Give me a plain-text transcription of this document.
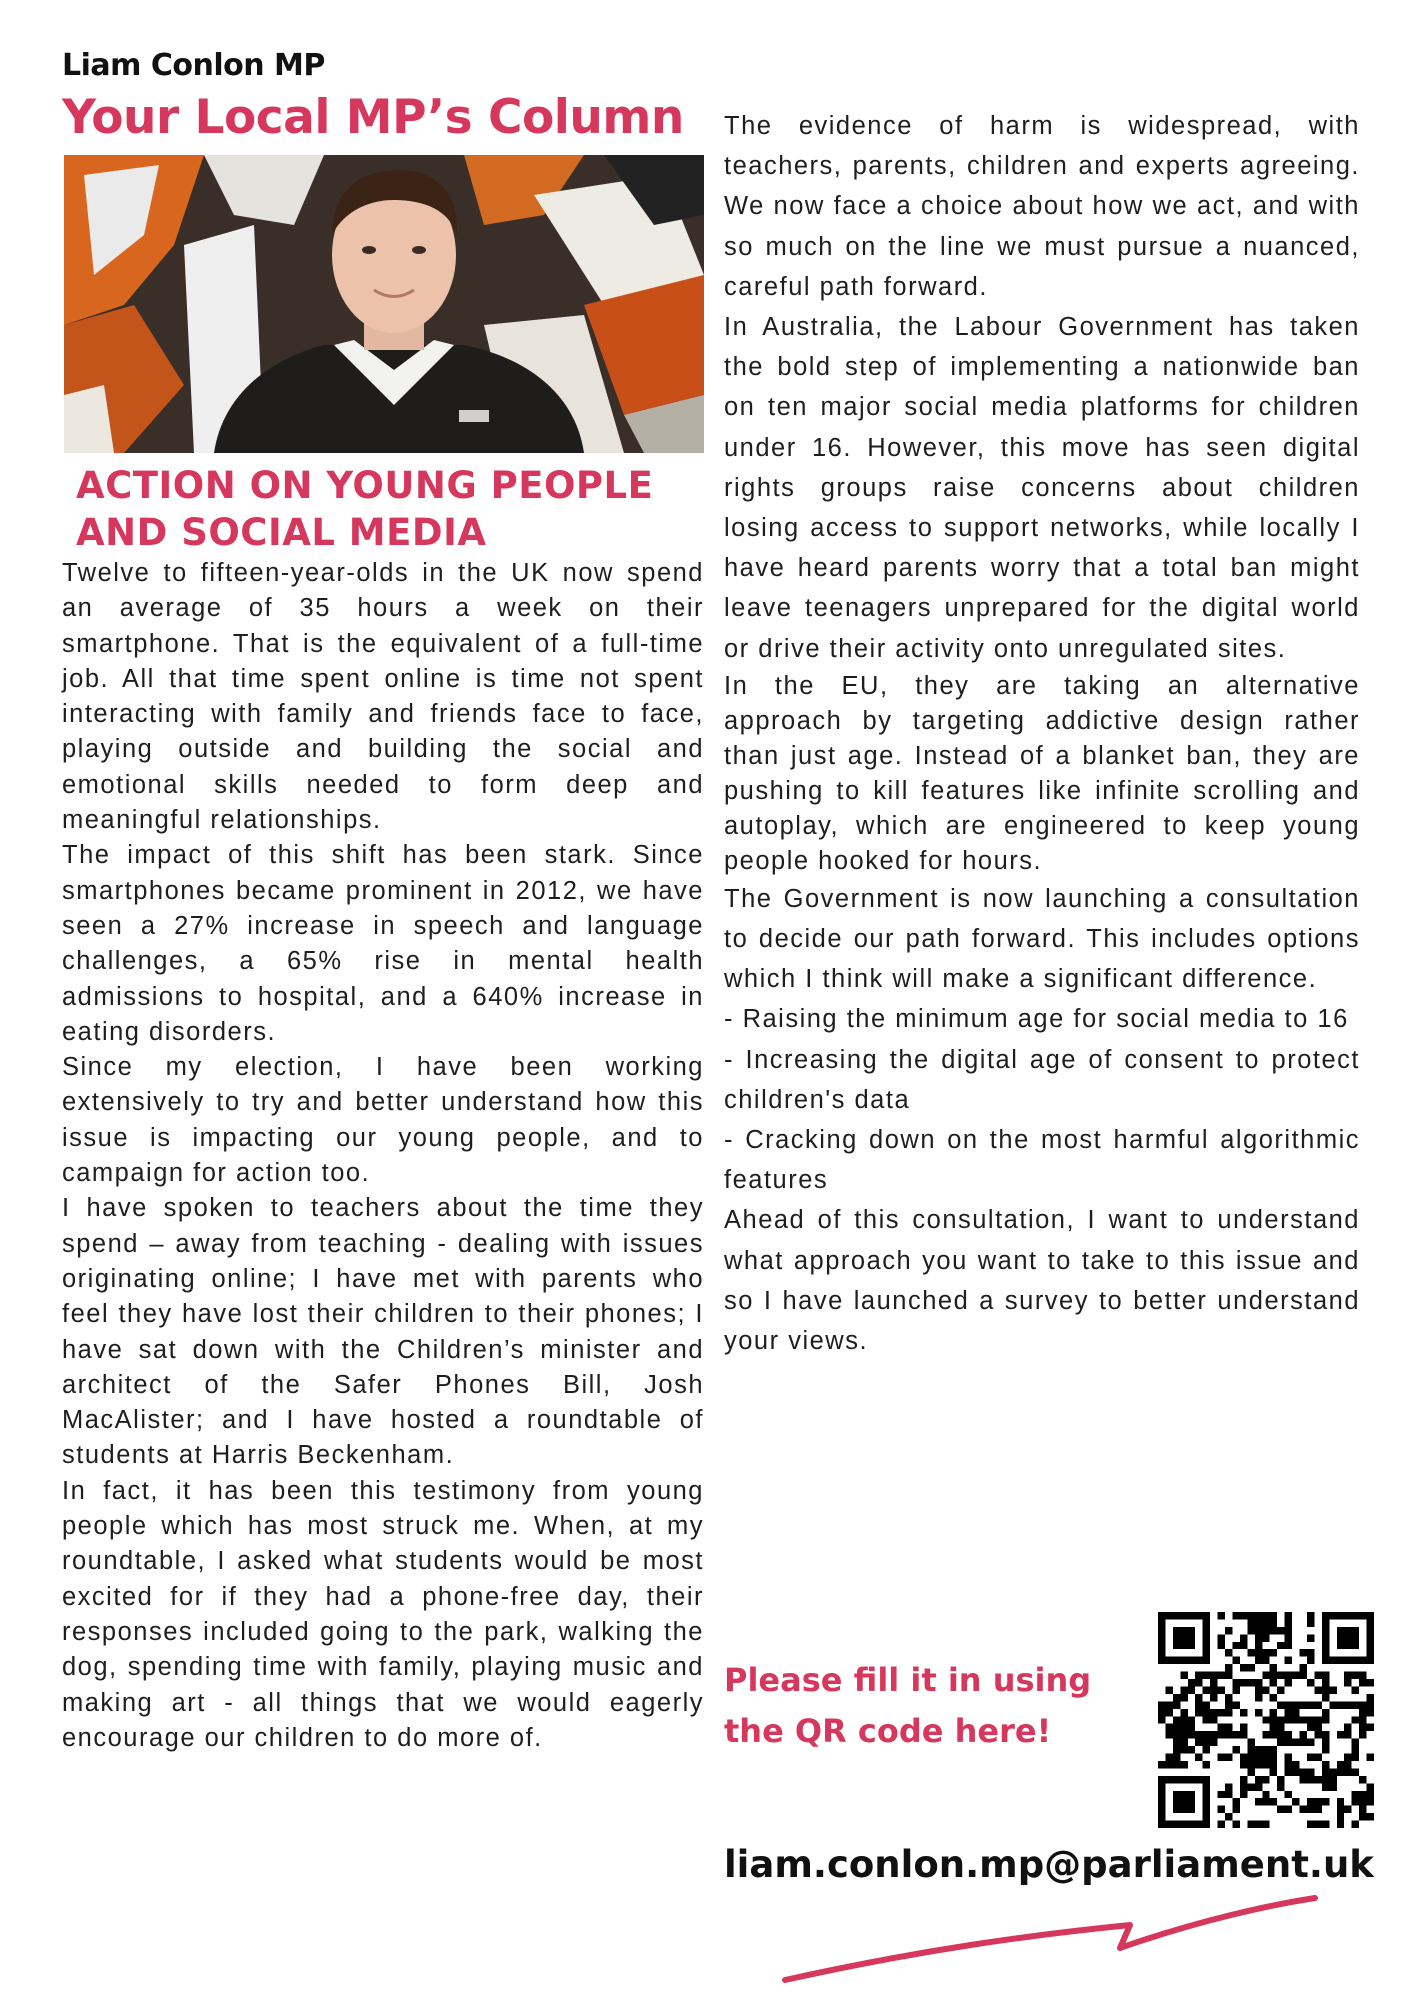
Liam Conlon MP
Your Local MP’s Column
ACTION ON YOUNG PEOPLE
AND SOCIAL MEDIA

Twelve to fifteen-year-olds in the UK now spend an average of 35 hours a week on their smartphone. That is the equivalent of a full-time job. All that time spent online is time not spent interacting with family and friends face to face, playing outside and building the social and emotional skills needed to form deep and meaningful relationships.

The impact of this shift has been stark. Since smartphones became prominent in 2012, we have seen a 27% increase in speech and language challenges, a 65% rise in mental health admissions to hospital, and a 640% increase in eating disorders.

Since my election, I have been working extensively to try and better understand how this issue is impacting our young people, and to campaign for action too.

I have spoken to teachers about the time they spend – away from teaching - dealing with issues originating online; I have met with parents who feel they have lost their children to their phones; I have sat down with the Children’s minister and architect of the Safer Phones Bill, Josh MacAlister; and I have hosted a roundtable of students at Harris Beckenham.

In fact, it has been this testimony from young people which has most struck me. When, at my roundtable, I asked what students would be most excited for if they had a phone-free day, their responses included going to the park, walking the dog, spending time with family, playing music and making art - all things that we would eagerly encourage our children to do more of.

The evidence of harm is widespread, with teachers, parents, children and experts agreeing. We now face a choice about how we act, and with so much on the line we must pursue a nuanced, careful path forward.

In Australia, the Labour Government has taken the bold step of implementing a nationwide ban on ten major social media platforms for children under 16. However, this move has seen digital rights groups raise concerns about children losing access to support networks, while locally I have heard parents worry that a total ban might leave teenagers unprepared for the digital world or drive their activity onto unregulated sites.

In the EU, they are taking an alternative approach by targeting addictive design rather than just age. Instead of a blanket ban, they are pushing to kill features like infinite scrolling and autoplay, which are engineered to keep young people hooked for hours.

The Government is now launching a consultation to decide our path forward. This includes options which I think will make a significant difference.

- Raising the minimum age for social media to 16

- Increasing the digital age of consent to protect children's data

- Cracking down on the most harmful algorithmic features

Ahead of this consultation, I want to understand what approach you want to take to this issue and so I have launched a survey to better understand your views.

Please fill it in using
the QR code here!
liam.conlon.mp@parliament.uk
